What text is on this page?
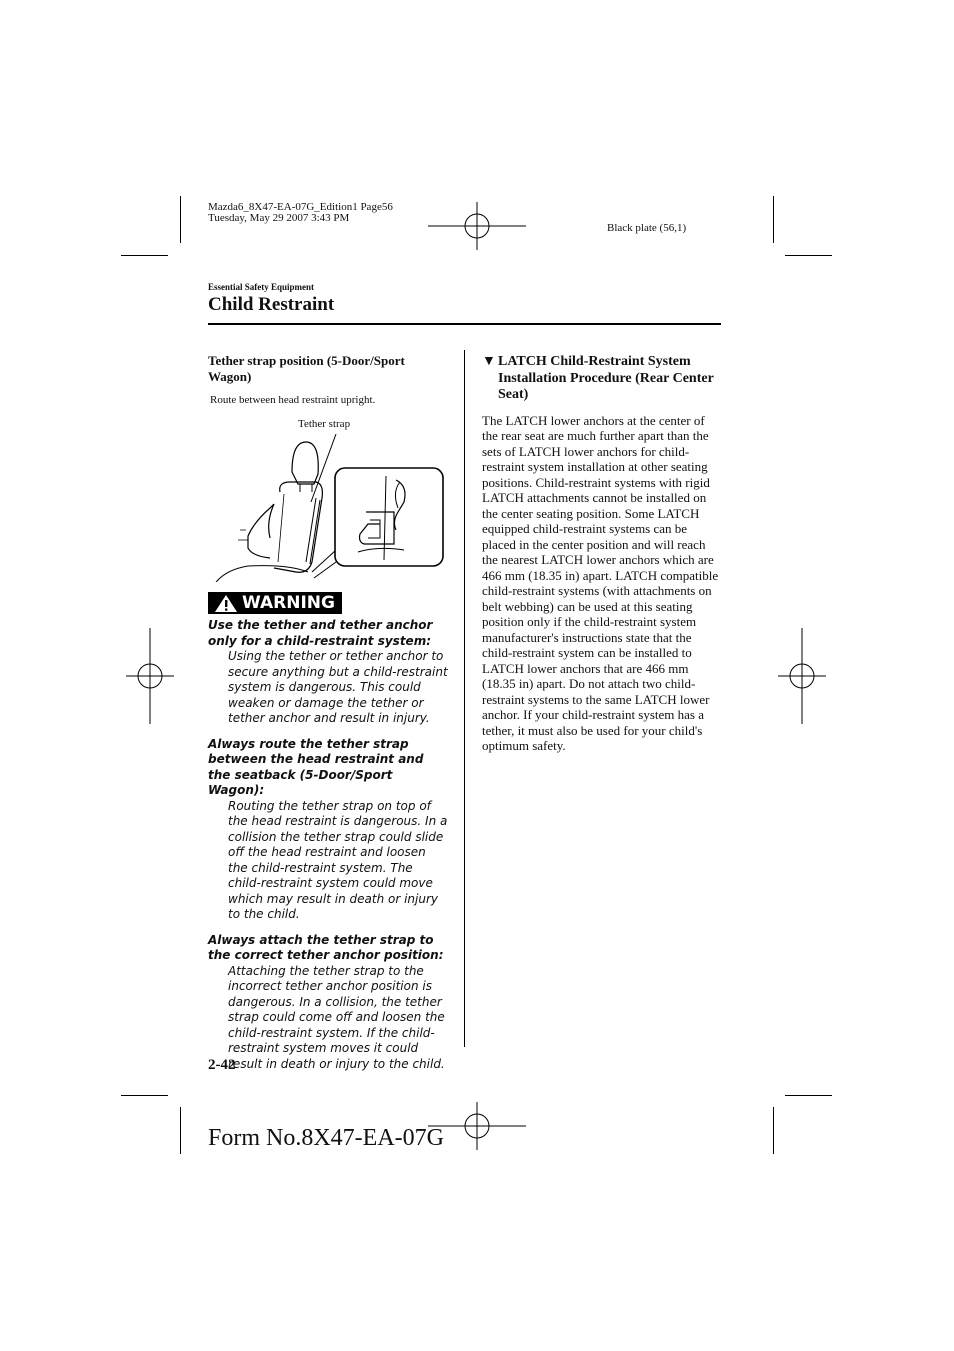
Mazda6_8X47-EA-07G_Edition1 Page56
Tuesday, May 29 2007 3:43 PM
Black plate (56,1)
Essential Safety Equipment
Child Restraint
Tether strap position (5-Door/Sport Wagon)
Route between head restraint upright.
Tether strap
WARNING
Use the tether and tether anchor only for a child-restraint system:
Using the tether or tether anchor to secure anything but a child-restraint system is dangerous. This could weaken or damage the tether or tether anchor and result in injury.
Always route the tether strap between the head restraint and the seatback (5-Door/Sport Wagon):
Routing the tether strap on top of the head restraint is dangerous. In a collision the tether strap could slide off the head restraint and loosen the child-restraint system. The child-restraint system could move which may result in death or injury to the child.
Always attach the tether strap to the correct tether anchor position:
Attaching the tether strap to the incorrect tether anchor position is dangerous. In a collision, the tether strap could come off and loosen the child-restraint system. If the child-restraint system moves it could result in death or injury to the child.
▼ LATCH Child-Restraint System Installation Procedure (Rear Center Seat)
The LATCH lower anchors at the center of the rear seat are much further apart than the sets of LATCH lower anchors for child-restraint system installation at other seating positions. Child-restraint systems with rigid LATCH attachments cannot be installed on the center seating position. Some LATCH equipped child-restraint systems can be placed in the center position and will reach the nearest LATCH lower anchors which are 466 mm (18.35 in) apart. LATCH compatible child-restraint systems (with attachments on belt webbing) can be used at this seating position only if the child-restraint system manufacturer's instructions state that the child-restraint system can be installed to LATCH lower anchors that are 466 mm (18.35 in) apart. Do not attach two child-restraint systems to the same LATCH lower anchor. If your child-restraint system has a tether, it must also be used for your child's optimum safety.
2-42
Form No.8X47-EA-07G
